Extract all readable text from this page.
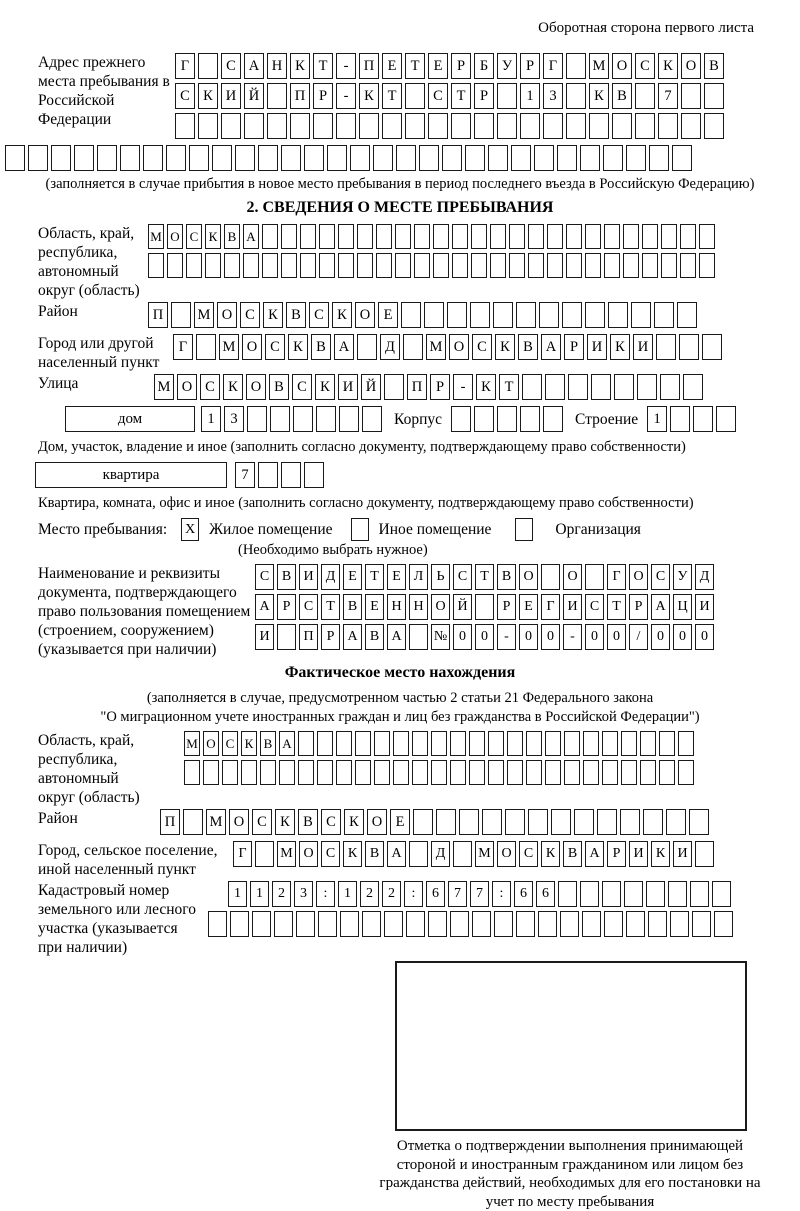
Оборотная сторона первого листа
Адрес прежнего места пребывания в Российской Федерации
Г	С А Н К Т	-	П Е Т Е	Р	Б У Р	Г	М О С К О В
С К И Й	П Р	-	К Т	С Т	Р	1	3	К В	7
(заполняется в случае прибытия в новое место пребывания в период последнего въезда в Российскую Федерацию)
2. СВЕДЕНИЯ О МЕСТЕ ПРЕБЫВАНИЯ
Область, край, республика, автономный округ (область)
М О С К В А
Район	П	М О С К В С К О Е
Город или другой населенный пункт
Г	М О С К В А	Д	М О С К В А Р И К И
Улица	М О С К О В С К И Й	П Р	-	К Т
дом	1	3	Корпус	Строение	1
Дом, участок, владение и иное (заполнить согласно документу, подтверждающему право собственности)
квартира	7
Квартира, комната, офис и иное (заполнить согласно документу, подтверждающему право собственности)
Место пребывания: X Жилое помещение	Иное помещение	Организация
(Необходимо выбрать нужное)
Наименование и реквизиты документа, подтверждающего право пользования помещением (строением, сооружением) (указывается при наличии)
С В И Д Е Т Е Л Ь С Т В О	О	Г О С У Д
А Р С Т В Е Н Н О Й	Р Е Г И С Т Р А Ц И
И	П Р А В А	№ 0	0	-	0	0	-	0	0	/	0	0	0
Фактическое место нахождения
(заполняется в случае, предусмотренном частью 2 статьи 21 Федерального закона
"О миграционном учете иностранных граждан и лиц без гражданства в Российской Федерации")
Область, край, республика, автономный округ (область)
М О С К В А
Район	П	М О С К В С К О Е
Город, сельское поселение, иной населенный пункт
Г	М О С К В А	Д	М О С К В А Р И К И
Кадастровый номер земельного или лесного участка (указывается при наличии)
1	1	2	3	:	1	2	2	:	6	7	7	:	6	6
Отметка о подтверждении выполнения принимающей стороной и иностранным гражданином или лицом без гражданства действий, необходимых для его постановки на учет по месту пребывания
